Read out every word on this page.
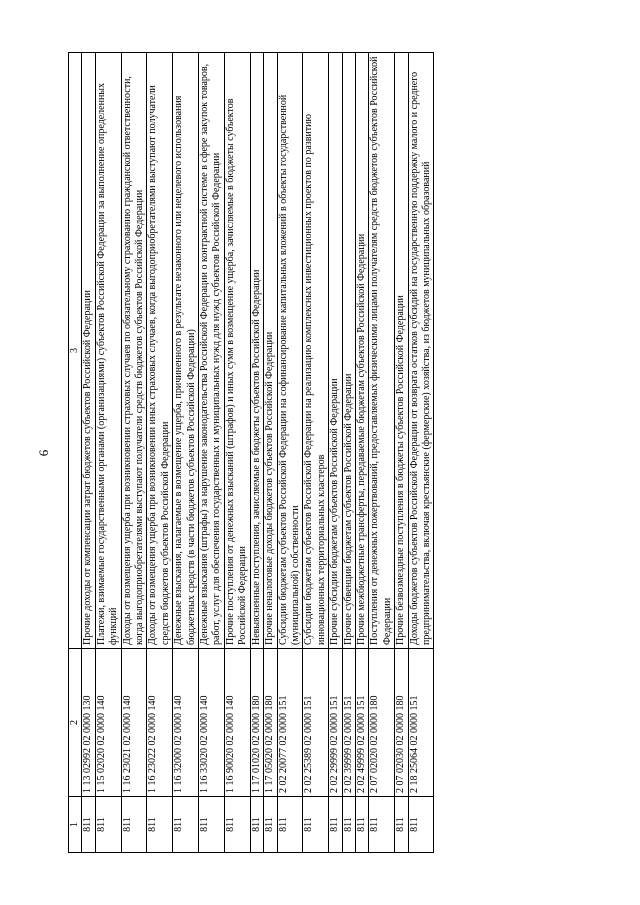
6
1	2	3
811	1 13 02992 02 0000 130	Прочие доходы от компенсации затрат бюджетов субъектов Российской Федерации
811	1 15 02020 02 0000 140	Платежи, взимаемые государственными органами (организациями) субъектов Российской Федерации за выполнение определенных функций
811	1 16 23021 02 0000 140	Доходы от возмещения ущерба при возникновении страховых случаев по обязательному страхованию гражданской ответственности, когда выгодоприобретателями выступают получатели средств бюджетов субъектов Российской Федерации
811	1 16 23022 02 0000 140	Доходы от возмещения ущерба при возникновении иных страховых случаев, когда выгодоприобретателями выступают получатели средств бюджетов субъектов Российской Федерации
811	1 16 32000 02 0000 140	Денежные взыскания, налагаемые в возмещение ущерба, причиненного в результате незаконного или нецелевого использования бюджетных средств (в части бюджетов субъектов Российской Федерации)
811	1 16 33020 02 0000 140	Денежные взыскания (штрафы) за нарушение законодательства Российской Федерации о контрактной системе в сфере закупок товаров, работ, услуг для обеспечения государственных и муниципальных нужд для нужд субъектов Российской Федерации
811	1 16 90020 02 0000 140	Прочие поступления от денежных взысканий (штрафов) и иных сумм в возмещение ущерба, зачисляемые в бюджеты субъектов Российской Федерации
811	1 17 01020 02 0000 180	Невыясненные поступления, зачисляемые в бюджеты субъектов Российской Федерации
811	1 17 05020 02 0000 180	Прочие неналоговые доходы бюджетов субъектов Российской Федерации
811	2 02 20077 02 0000 151	Субсидии бюджетам субъектов Российской Федерации на софинансирование капитальных вложений в объекты государственной (муниципальной) собственности
811	2 02 25389 02 0000 151	Субсидии бюджетам субъектов Российской Федерации на реализацию комплексных инвестиционных проектов по развитию инновационных территориальных кластеров
811	2 02 29999 02 0000 151	Прочие субсидии бюджетам субъектов Российской Федерации
811	2 02 39999 02 0000 151	Прочие субвенции бюджетам субъектов Российской Федерации
811	2 02 49999 02 0000 151	Прочие межбюджетные трансферты, передаваемые бюджетам субъектов Российской Федерации
811	2 07 02020 02 0000 180	Поступления от денежных пожертвований, предоставляемых физическими лицами получателям средств бюджетов субъектов Российской Федерации
811	2 07 02030 02 0000 180	Прочие безвозмездные поступления в бюджеты субъектов Российской Федерации
811	2 18 25064 02 0000 151	Доходы бюджетов субъектов Российской Федерации от возврата остатков субсидий на государственную поддержку малого и среднего предпринимательства, включая крестьянские (фермерские) хозяйства, из бюджетов муниципальных образований
